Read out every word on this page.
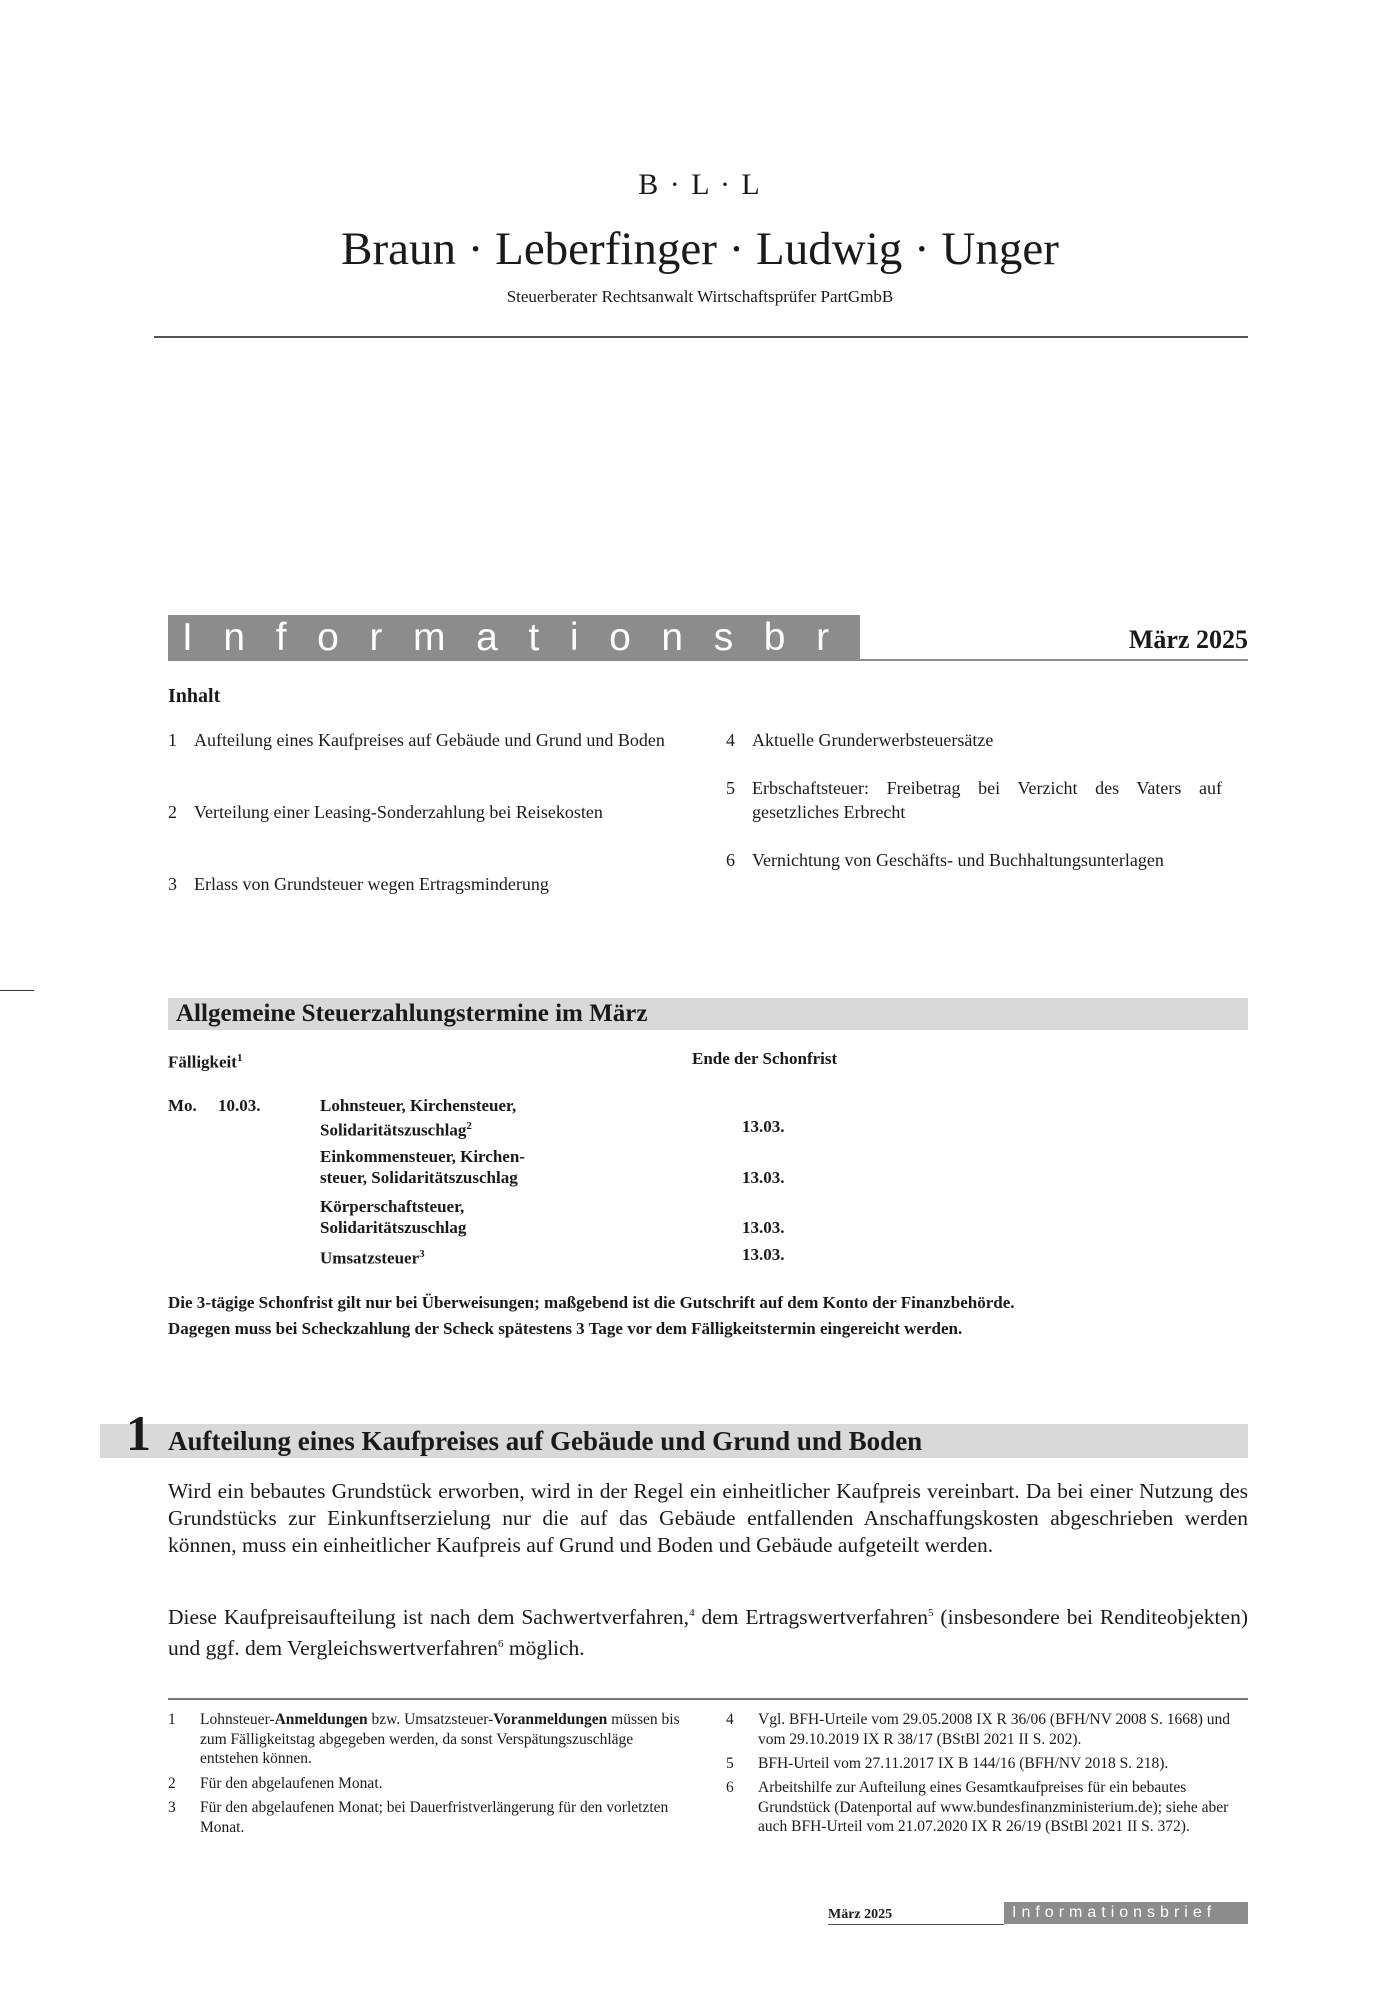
B · L · L
Braun · Leberfinger · Ludwig · Unger
Steuerberater Rechtsanwalt Wirtschaftsprüfer PartGmbB
Informationsbrief	März 2025
Inhalt
1 Aufteilung eines Kaufpreises auf Gebäude und Grund und Boden
2 Verteilung einer Leasing-Sonderzahlung bei Reisekosten
3 Erlass von Grundsteuer wegen Ertragsminderung
4 Aktuelle Grunderwerbsteuersätze
5 Erbschaftsteuer: Freibetrag bei Verzicht des Vaters auf gesetzliches Erbrecht
6 Vernichtung von Geschäfts- und Buchhaltungsunterlagen
Allgemeine Steuerzahlungstermine im März
Fälligkeit$^1$	Ende der Schonfrist
Mo. 10.03.	Lohnsteuer, Kirchensteuer,
Solidaritätszuschlag$^2$	13.03.
Einkommensteuer, Kirchen-
steuer, Solidaritätszuschlag	13.03.
Körperschaftsteuer,
Solidaritätszuschlag	13.03.
Umsatzsteuer$^3$	13.03.
Die 3-tägige Schonfrist gilt nur bei Überweisungen; maßgebend ist die Gutschrift auf dem Konto der Finanzbehörde.
Dagegen muss bei Scheckzahlung der Scheck spätestens 3 Tage vor dem Fälligkeitstermin eingereicht werden.
1 Aufteilung eines Kaufpreises auf Gebäude und Grund und Boden
Wird ein bebautes Grundstück erworben, wird in der Regel ein einheitlicher Kaufpreis vereinbart. Da bei einer Nutzung des Grundstücks zur Einkunftserzielung nur die auf das Gebäude entfallenden Anschaffungskosten abgeschrieben werden können, muss ein einheitlicher Kaufpreis auf Grund und Boden und Gebäude aufgeteilt werden.
Diese Kaufpreisaufteilung ist nach dem Sachwertverfahren,$^4$ dem Ertragswertverfahren$^5$ (insbesondere bei Renditeobjekten) und ggf. dem Vergleichswertverfahren$^6$ möglich.
1 Lohnsteuer-Anmeldungen bzw. Umsatzsteuer-Voranmeldungen müssen bis zum Fälligkeitstag abgegeben werden, da sonst Verspätungszuschläge entstehen können.
2 Für den abgelaufenen Monat.
3 Für den abgelaufenen Monat; bei Dauerfristverlängerung für den vorletzten Monat.
4 Vgl. BFH-Urteile vom 29.05.2008 IX R 36/06 (BFH/NV 2008 S. 1668) und vom 29.10.2019 IX R 38/17 (BStBl 2021 II S. 202).
5 BFH-Urteil vom 27.11.2017 IX B 144/16 (BFH/NV 2018 S. 218).
6 Arbeitshilfe zur Aufteilung eines Gesamtkaufpreises für ein bebautes Grundstück (Datenportal auf www.bundesfinanzministerium.de); siehe aber auch BFH-Urteil vom 21.07.2020 IX R 26/19 (BStBl 2021 II S. 372).
März 2025	Informationsbrief
